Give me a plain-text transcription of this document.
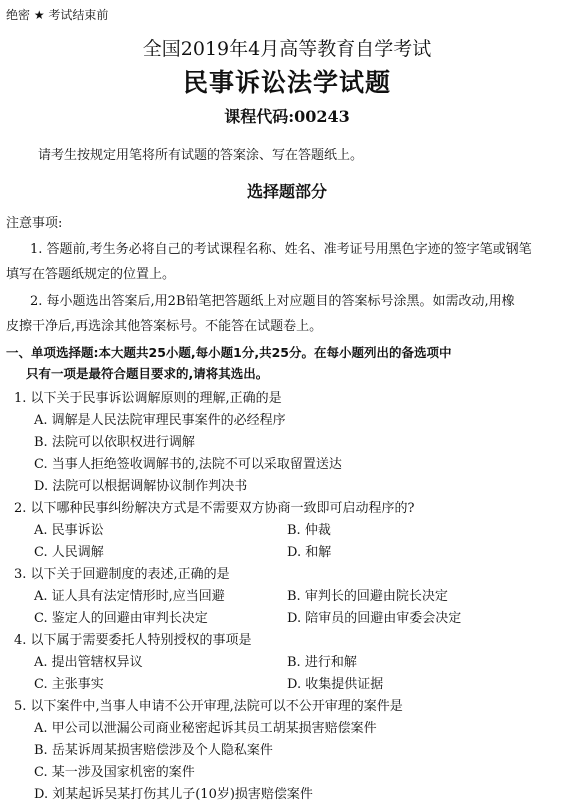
绝密 ★ 考试结束前
全国2019年4月高等教育自学考试
民事诉讼法学试题
课程代码:00243
请考生按规定用笔将所有试题的答案涂、写在答题纸上。
选择题部分
注意事项:
1. 答题前,考生务必将自己的考试课程名称、姓名、准考证号用黑色字迹的签字笔或钢笔
填写在答题纸规定的位置上。
2. 每小题选出答案后,用2B铅笔把答题纸上对应题目的答案标号涂黑。如需改动,用橡
皮擦干净后,再选涂其他答案标号。不能答在试题卷上。
一、单项选择题:本大题共25小题,每小题1分,共25分。在每小题列出的备选项中
只有一项是最符合题目要求的,请将其选出。
1. 以下关于民事诉讼调解原则的理解,正确的是
A. 调解是人民法院审理民事案件的必经程序
B. 法院可以依职权进行调解
C. 当事人拒绝签收调解书的,法院不可以采取留置送达
D. 法院可以根据调解协议制作判决书
2. 以下哪种民事纠纷解决方式是不需要双方协商一致即可启动程序的?
A. 民事诉讼	B. 仲裁
C. 人民调解	D. 和解
3. 以下关于回避制度的表述,正确的是
A. 证人具有法定情形时,应当回避	B. 审判长的回避由院长决定
C. 鉴定人的回避由审判长决定	D. 陪审员的回避由审委会决定
4. 以下属于需要委托人特别授权的事项是
A. 提出管辖权异议	B. 进行和解
C. 主张事实	D. 收集提供证据
5. 以下案件中,当事人申请不公开审理,法院可以不公开审理的案件是
A. 甲公司以泄漏公司商业秘密起诉其员工胡某损害赔偿案件
B. 岳某诉周某损害赔偿涉及个人隐私案件
C. 某一涉及国家机密的案件
D. 刘某起诉吴某打伤其儿子(10岁)损害赔偿案件
